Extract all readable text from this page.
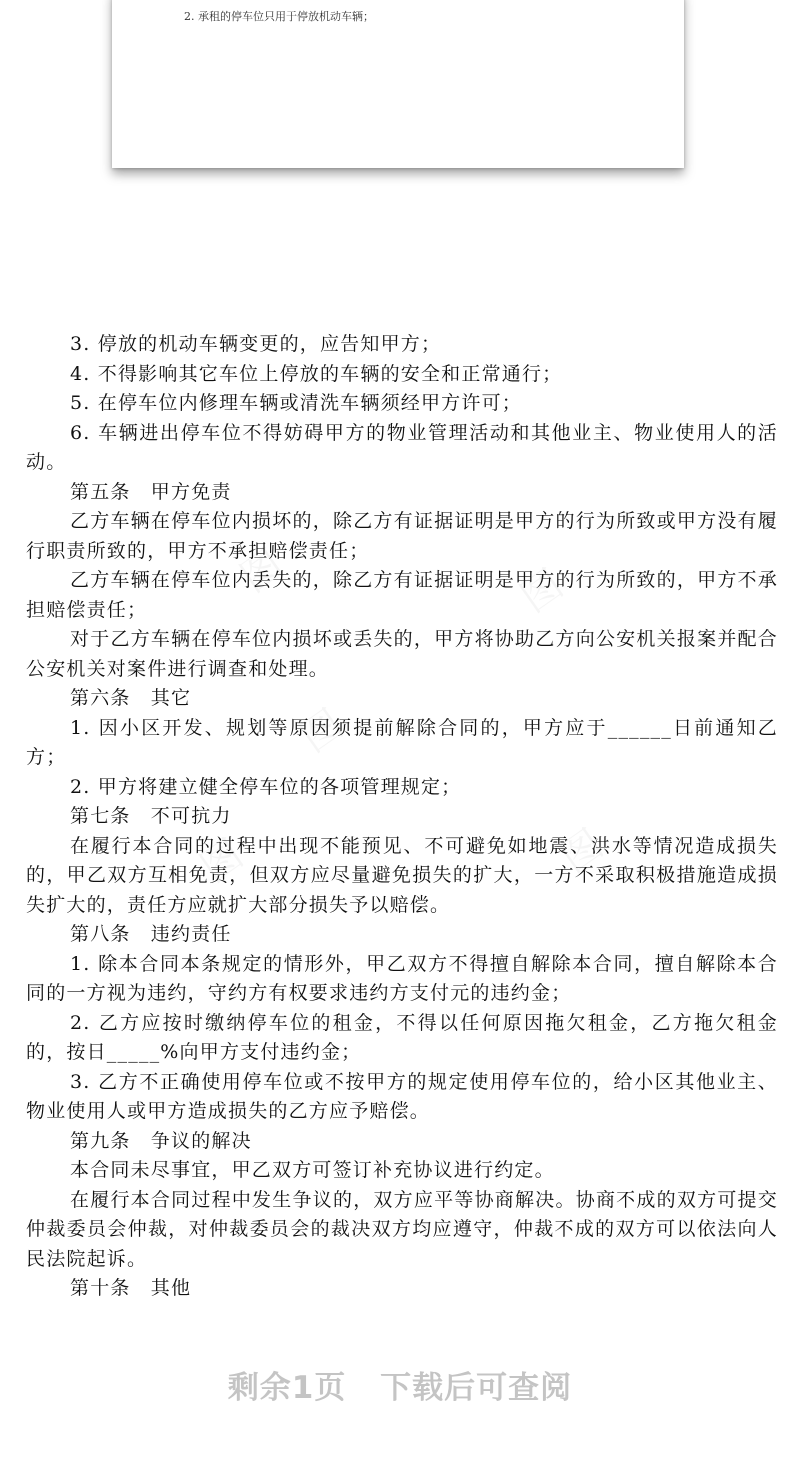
2. 承租的停车位只用于停放机动车辆；

3. 停放的机动车辆变更的，应告知甲方；

4. 不得影响其它车位上停放的车辆的安全和正常通行；

5. 在停车位内修理车辆或清洗车辆须经甲方许可；

6. 车辆进出停车位不得妨碍甲方的物业管理活动和其他业主、物业使用人的活动。

第五条　甲方免责

乙方车辆在停车位内损坏的，除乙方有证据证明是甲方的行为所致或甲方没有履行职责所致的，甲方不承担赔偿责任；

乙方车辆在停车位内丢失的，除乙方有证据证明是甲方的行为所致的，甲方不承担赔偿责任；

对于乙方车辆在停车位内损坏或丢失的，甲方将协助乙方向公安机关报案并配合公安机关对案件进行调查和处理。

第六条　其它

1. 因小区开发、规划等原因须提前解除合同的，甲方应于______日前通知乙方；

2. 甲方将建立健全停车位的各项管理规定；

第七条　不可抗力

在履行本合同的过程中出现不能预见、不可避免如地震、洪水等情况造成损失的，甲乙双方互相免责，但双方应尽量避免损失的扩大，一方不采取积极措施造成损失扩大的，责任方应就扩大部分损失予以赔偿。

第八条　违约责任

1. 除本合同本条规定的情形外，甲乙双方不得擅自解除本合同，擅自解除本合同的一方视为违约，守约方有权要求违约方支付元的违约金；

2. 乙方应按时缴纳停车位的租金，不得以任何原因拖欠租金，乙方拖欠租金的，按日_____%向甲方支付违约金；

3. 乙方不正确使用停车位或不按甲方的规定使用停车位的，给小区其他业主、物业使用人或甲方造成损失的乙方应予赔偿。

第九条　争议的解决

本合同未尽事宜，甲乙双方可签订补充协议进行约定。

在履行本合同过程中发生争议的，双方应平等协商解决。协商不成的双方可提交仲裁委员会仲裁，对仲裁委员会的裁决双方均应遵守，仲裁不成的双方可以依法向人民法院起诉。

第十条　其他

剩余1页 下载后可查阅
